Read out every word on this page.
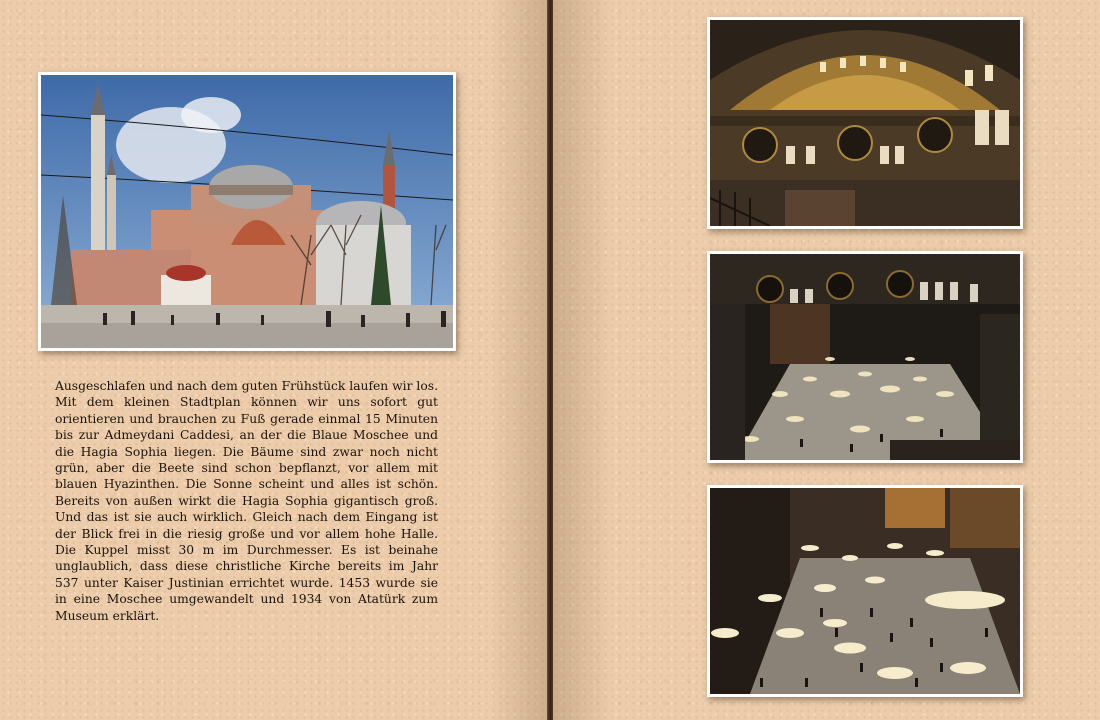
Ausgeschlafen und nach dem guten Frühstück laufen wir los. Mit dem kleinen Stadtplan können wir uns sofort gut orientieren und brauchen zu Fuß gerade einmal 15 Minuten bis zur Admeydani Caddesi, an der die Blaue Moschee und die Hagia Sophia liegen. Die Bäume sind zwar noch nicht grün, aber die Beete sind schon bepflanzt, vor allem mit blauen Hyazinthen. Die Sonne scheint und alles ist schön. Bereits von außen wirkt die Hagia Sophia gigantisch groß. Und das ist sie auch wirklich. Gleich nach dem Eingang ist der Blick frei in die riesig große und vor allem hohe Halle. Die Kuppel misst 30 m im Durchmesser. Es ist beinahe unglaublich, dass diese christliche Kirche bereits im Jahr 537 unter Kaiser Justinian errichtet wurde. 1453 wurde sie in eine Moschee umgewandelt und 1934 von Atatürk zum Museum erklärt.
